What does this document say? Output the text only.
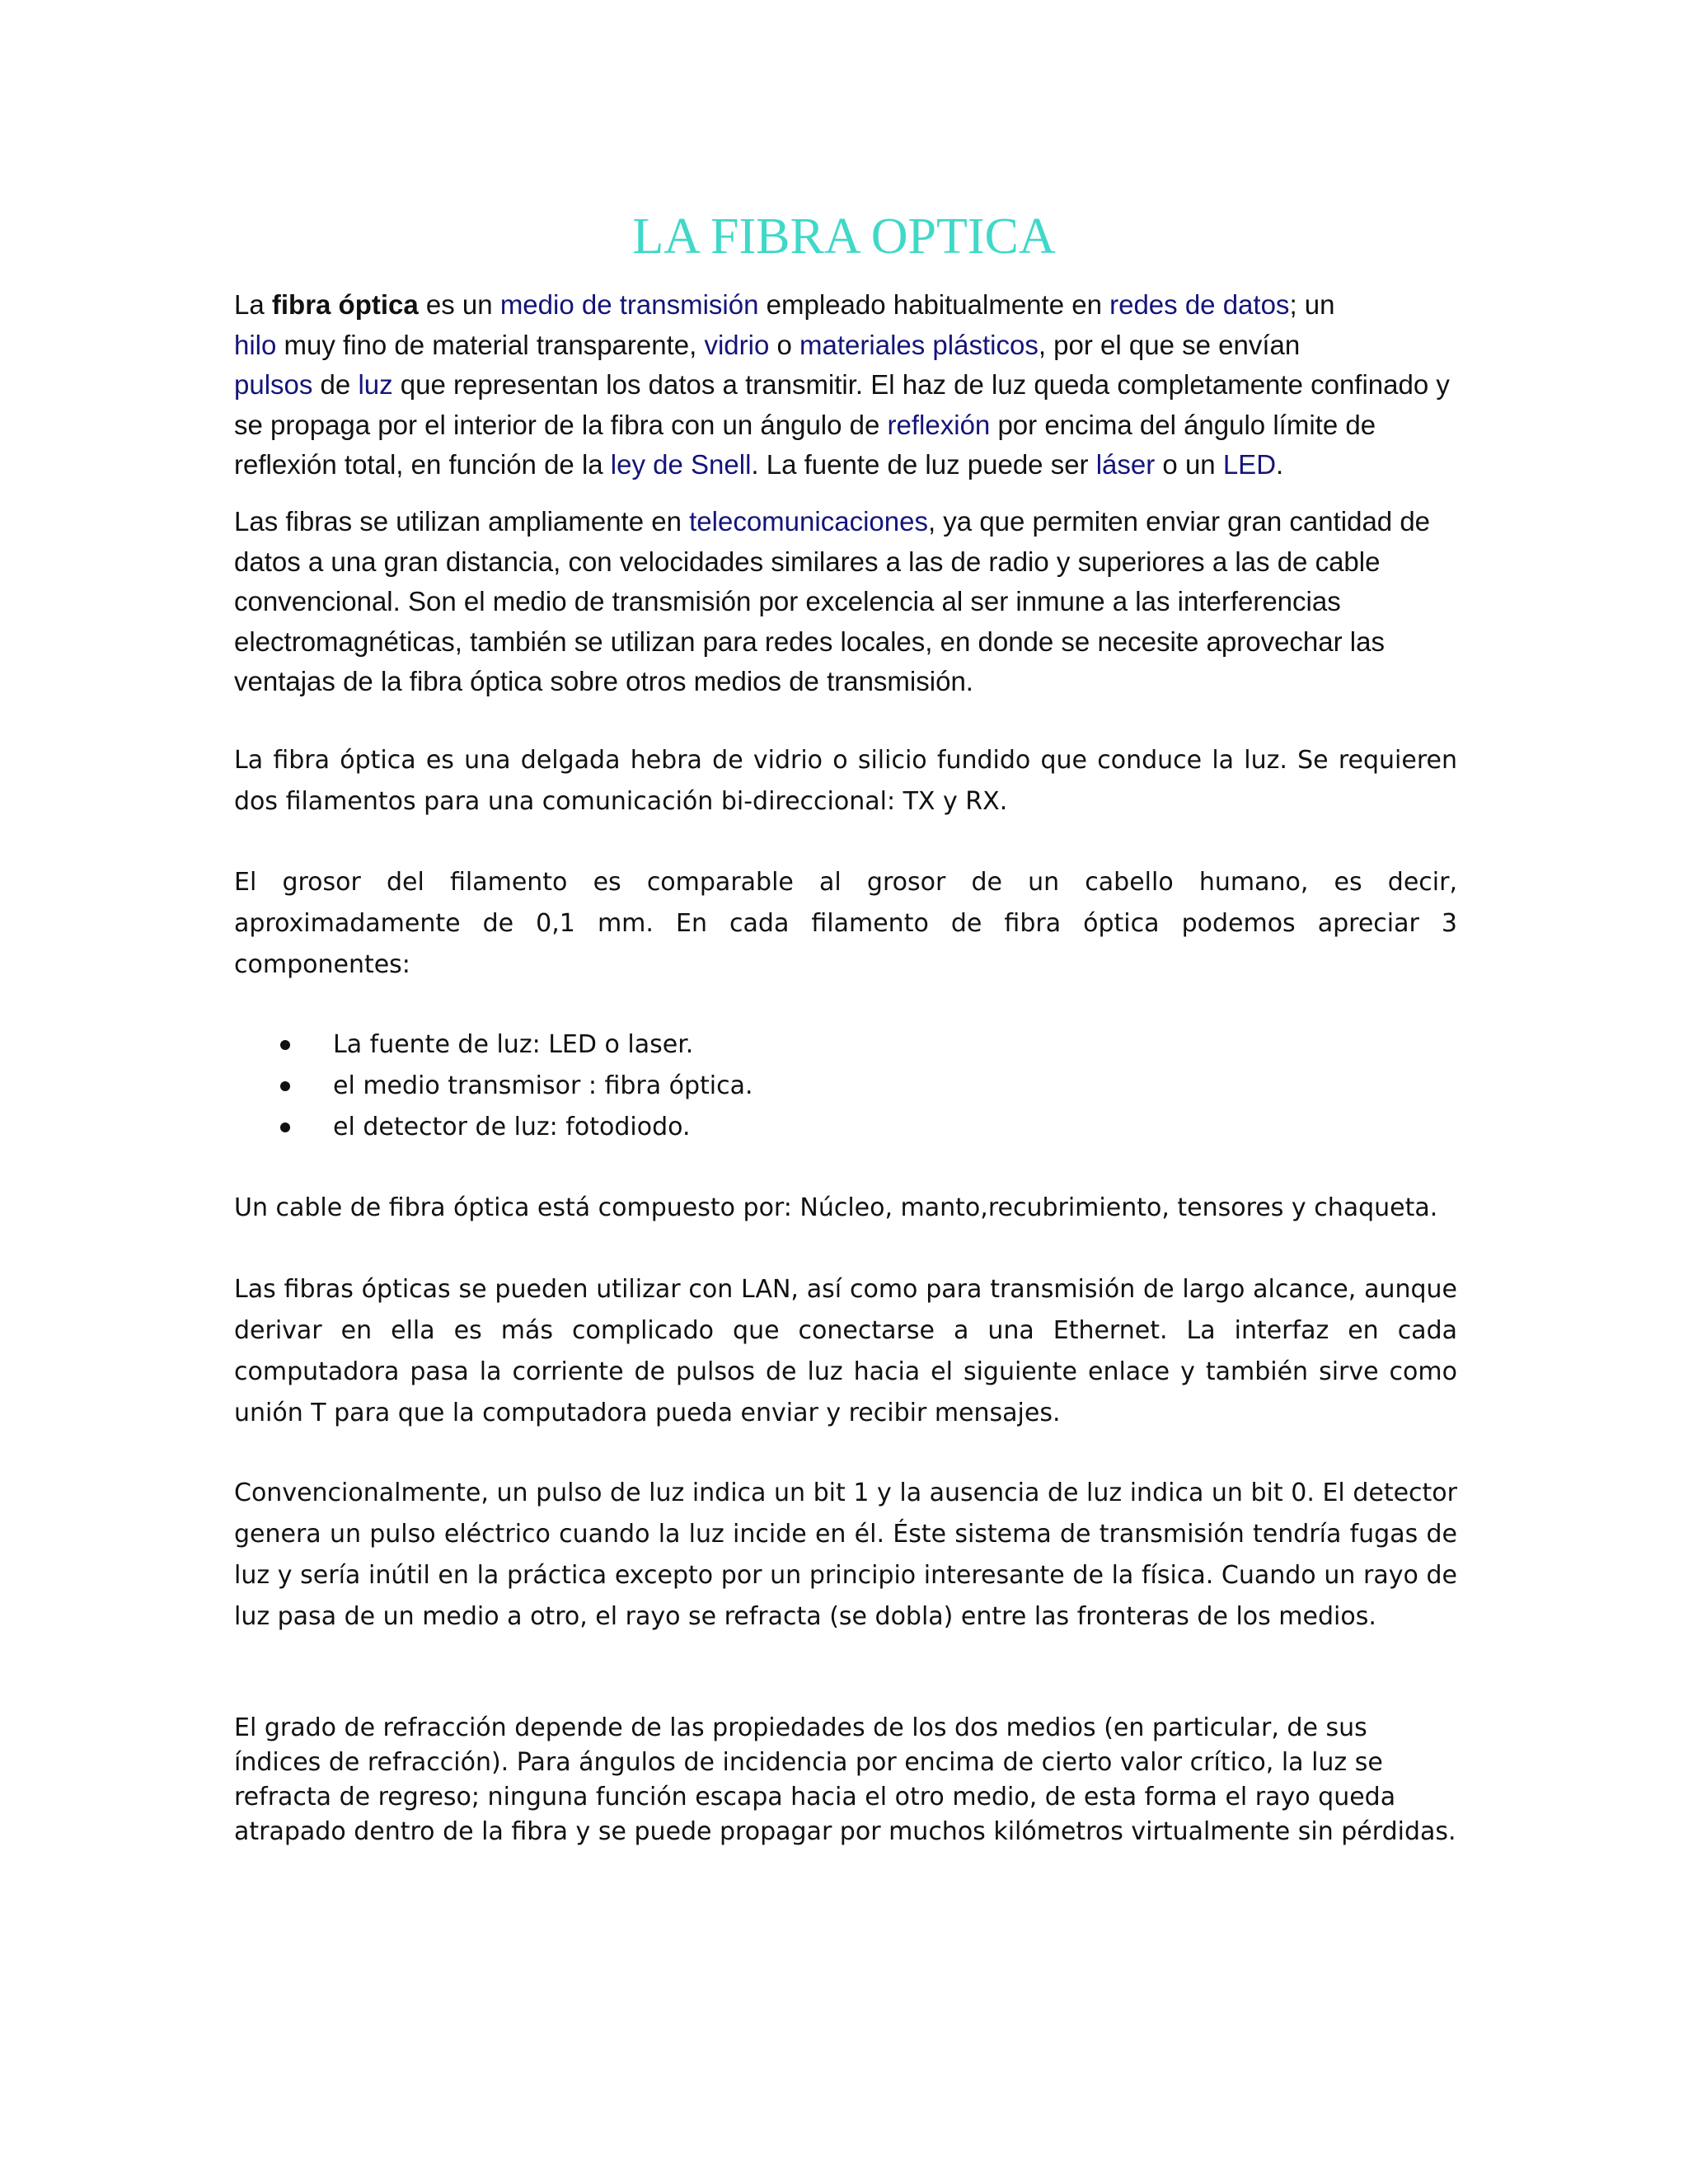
LA FIBRA OPTICA

La fibra óptica es un medio de transmisión empleado habitualmente en redes de datos; un
hilo muy fino de material transparente, vidrio o materiales plásticos, por el que se envían
pulsos de luz que representan los datos a transmitir. El haz de luz queda completamente confinado y se propaga por el interior de la fibra con un ángulo de reflexión por encima del ángulo límite de reflexión total, en función de la ley de Snell. La fuente de luz puede ser láser o un LED.

Las fibras se utilizan ampliamente en telecomunicaciones, ya que permiten enviar gran cantidad de datos a una gran distancia, con velocidades similares a las de radio y superiores a las de cable convencional. Son el medio de transmisión por excelencia al ser inmune a las interferencias electromagnéticas, también se utilizan para redes locales, en donde se necesite aprovechar las ventajas de la fibra óptica sobre otros medios de transmisión.

La fibra óptica es una delgada hebra de vidrio o silicio fundido que conduce la luz. Se requieren dos filamentos para una comunicación bi-direccional: TX y RX.

El grosor del filamento es comparable al grosor de un cabello humano, es decir, aproximadamente de 0,1 mm. En cada filamento de fibra óptica podemos apreciar 3 componentes:

La fuente de luz: LED o laser.
el medio transmisor : fibra óptica.
el detector de luz: fotodiodo.

Un cable de fibra óptica está compuesto por: Núcleo, manto,recubrimiento, tensores y chaqueta.

Las fibras ópticas se pueden utilizar con LAN, así como para transmisión de largo alcance, aunque derivar en ella es más complicado que conectarse a una Ethernet. La interfaz en cada computadora pasa la corriente de pulsos de luz hacia el siguiente enlace y también sirve como unión T para que la computadora pueda enviar y recibir mensajes.

Convencionalmente, un pulso de luz indica un bit 1 y la ausencia de luz indica un bit 0. El detector genera un pulso eléctrico cuando la luz incide en él. Éste sistema de transmisión tendría fugas de luz y sería inútil en la práctica excepto por un principio interesante de la física. Cuando un rayo de luz pasa de un medio a otro, el rayo se refracta (se dobla) entre las fronteras de los medios.

El grado de refracción depende de las propiedades de los dos medios (en particular, de sus índices de refracción). Para ángulos de incidencia por encima de cierto valor crítico, la luz se refracta de regreso; ninguna función escapa hacia el otro medio, de esta forma el rayo queda atrapado dentro de la fibra y se puede propagar por muchos kilómetros virtualmente sin pérdidas.
